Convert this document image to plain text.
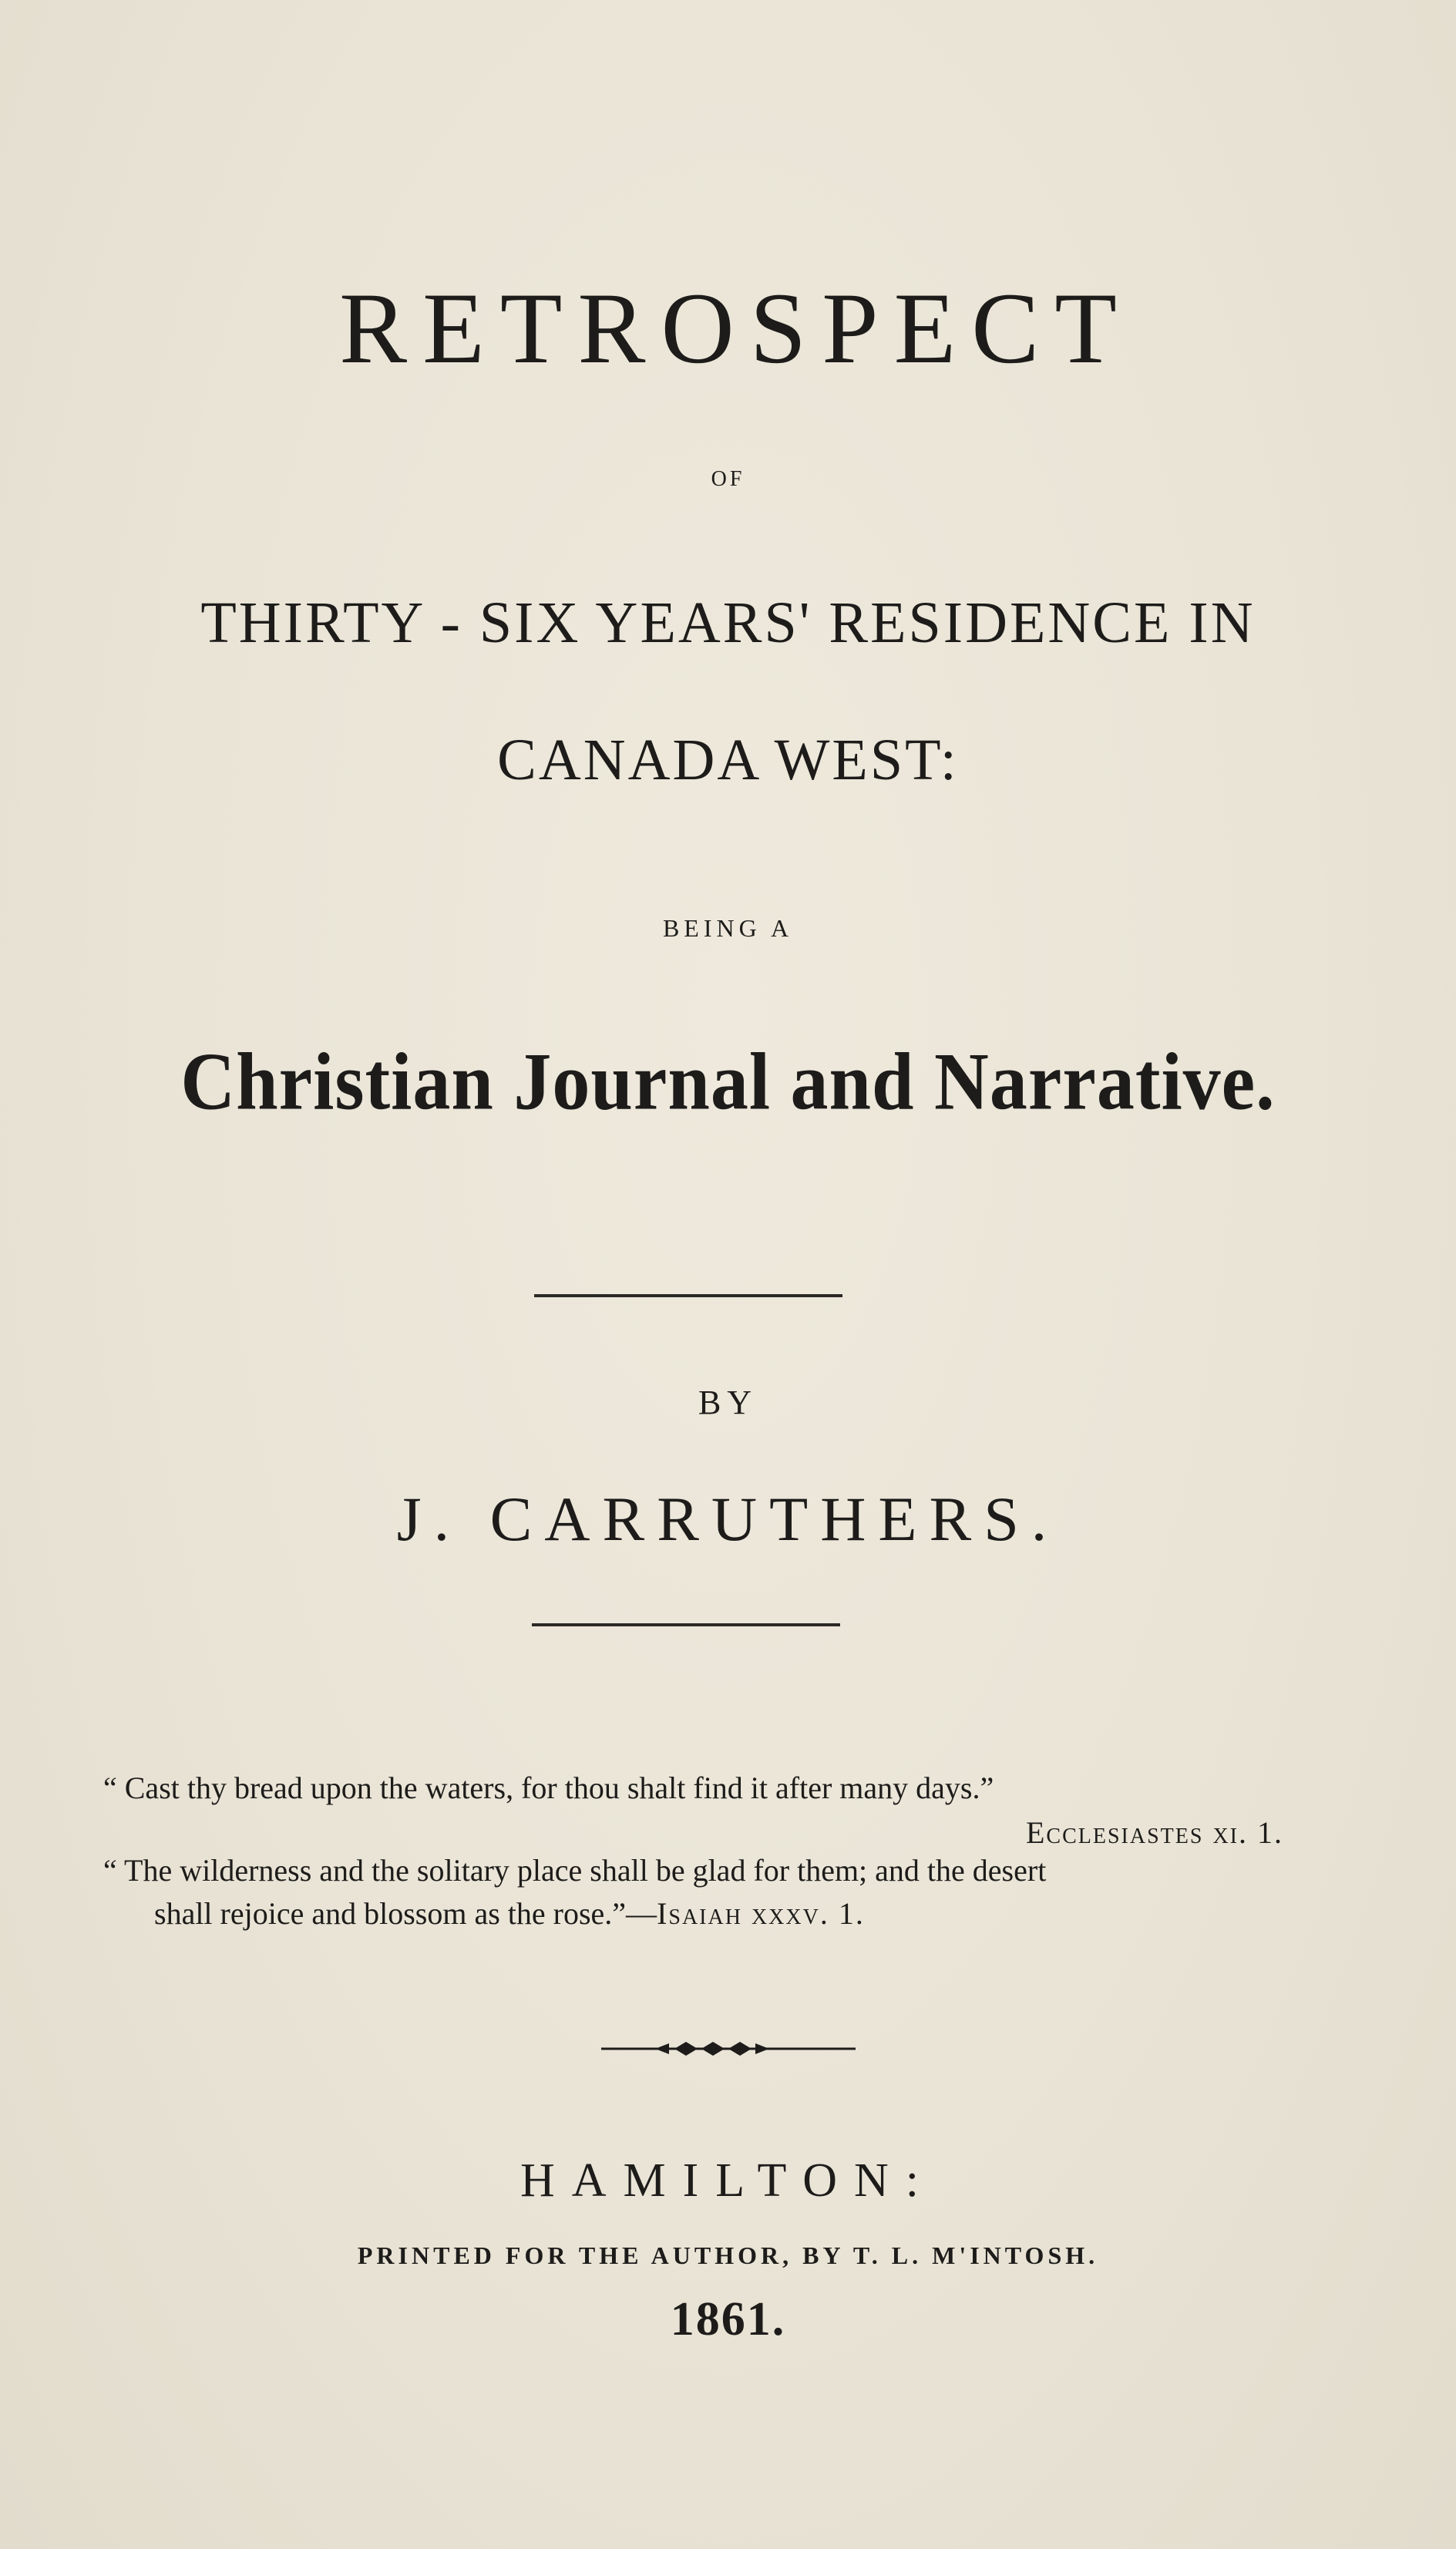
RETROSPECT
OF
THIRTY - SIX YEARS' RESIDENCE IN
CANADA WEST:
BEING A
Christian Journal and Narrative.
BY
J. CARRUTHERS.
“ Cast thy bread upon the waters, for thou shalt find it after many days.”
Ecclesiastes xi. 1.
“ The wilderness and the solitary place shall be glad for them; and the desert
shall rejoice and blossom as the rose.”—Isaiah xxxv. 1.
HAMILTON:
PRINTED FOR THE AUTHOR, BY T. L. M'INTOSH.
1861.
